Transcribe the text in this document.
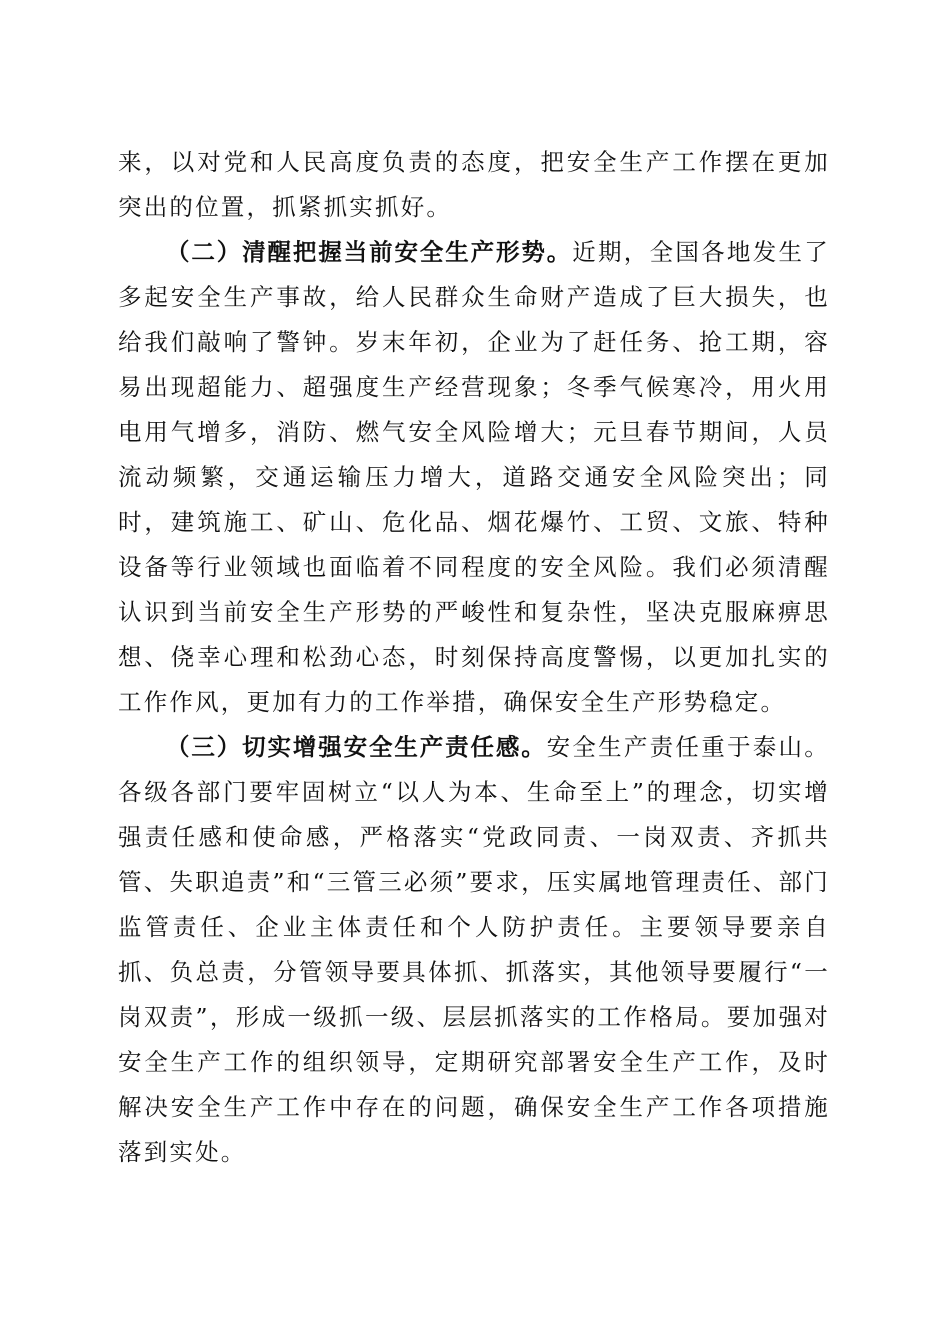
来，以对党和人民高度负责的态度，把安全生产工作摆在更加突出的位置，抓紧抓实抓好。

（二）清醒把握当前安全生产形势。近期，全国各地发生了多起安全生产事故，给人民群众生命财产造成了巨大损失，也给我们敲响了警钟。岁末年初，企业为了赶任务、抢工期，容易出现超能力、超强度生产经营现象；冬季气候寒冷，用火用电用气增多，消防、燃气安全风险增大；元旦春节期间，人员流动频繁，交通运输压力增大，道路交通安全风险突出；同时，建筑施工、矿山、危化品、烟花爆竹、工贸、文旅、特种设备等行业领域也面临着不同程度的安全风险。我们必须清醒认识到当前安全生产形势的严峻性和复杂性，坚决克服麻痹思想、侥幸心理和松劲心态，时刻保持高度警惕，以更加扎实的工作作风，更加有力的工作举措，确保安全生产形势稳定。

（三）切实增强安全生产责任感。安全生产责任重于泰山。各级各部门要牢固树立“以人为本、生命至上”的理念，切实增强责任感和使命感，严格落实“党政同责、一岗双责、齐抓共管、失职追责”和“三管三必须”要求，压实属地管理责任、部门监管责任、企业主体责任和个人防护责任。主要领导要亲自抓、负总责，分管领导要具体抓、抓落实，其他领导要履行“一岗双责”，形成一级抓一级、层层抓落实的工作格局。要加强对安全生产工作的组织领导，定期研究部署安全生产工作，及时解决安全生产工作中存在的问题，确保安全生产工作各项措施落到实处。
